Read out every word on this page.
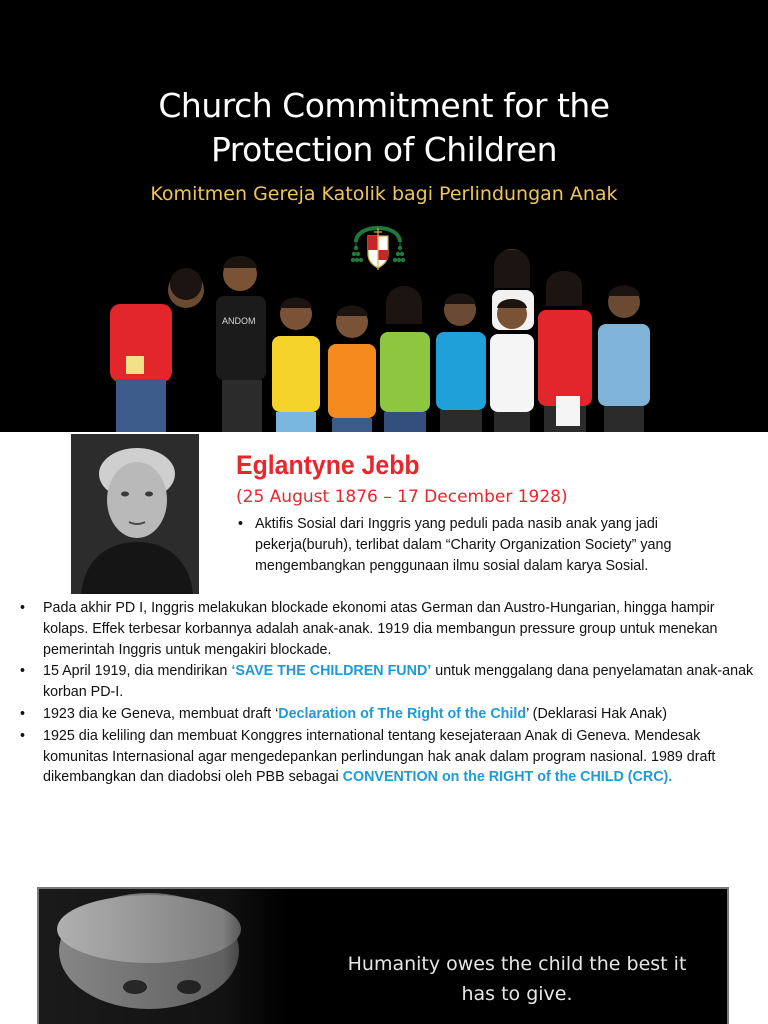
Church Commitment for the
Protection of Children
Komitmen Gereja Katolik bagi Perlindungan Anak
ANDOM
Eglantyne Jebb
(25 August 1876 – 17 December 1928)
• Aktifis Sosial dari Inggris yang peduli pada nasib anak yang jadi pekerja(buruh), terlibat dalam “Charity Organization Society” yang mengembangkan penggunaan ilmu sosial dalam karya Sosial.
• Pada akhir PD I, Inggris melakukan blockade ekonomi atas German dan Austro-Hungarian, hingga hampir kolaps. Effek terbesar korbannya adalah anak-anak. 1919 dia membangun pressure group untuk menekan pemerintah Inggris untuk mengakiri blockade.
• 15 April 1919, dia mendirikan ‘SAVE THE CHILDREN FUND’ untuk menggalang dana penyelamatan anak-anak korban PD-I.
• 1923 dia ke Geneva, membuat draft ‘Declaration of The Right of the Child’ (Deklarasi Hak Anak)
• 1925 dia keliling dan membuat Konggres international tentang kesejateraan Anak di Geneva. Mendesak komunitas Internasional agar mengedepankan perlindungan hak anak dalam program nasional. 1989 draft dikembangkan dan diadobsi oleh PBB sebagai CONVENTION on the RIGHT of the CHILD (CRC).
Humanity owes the child the best it
has to give.
